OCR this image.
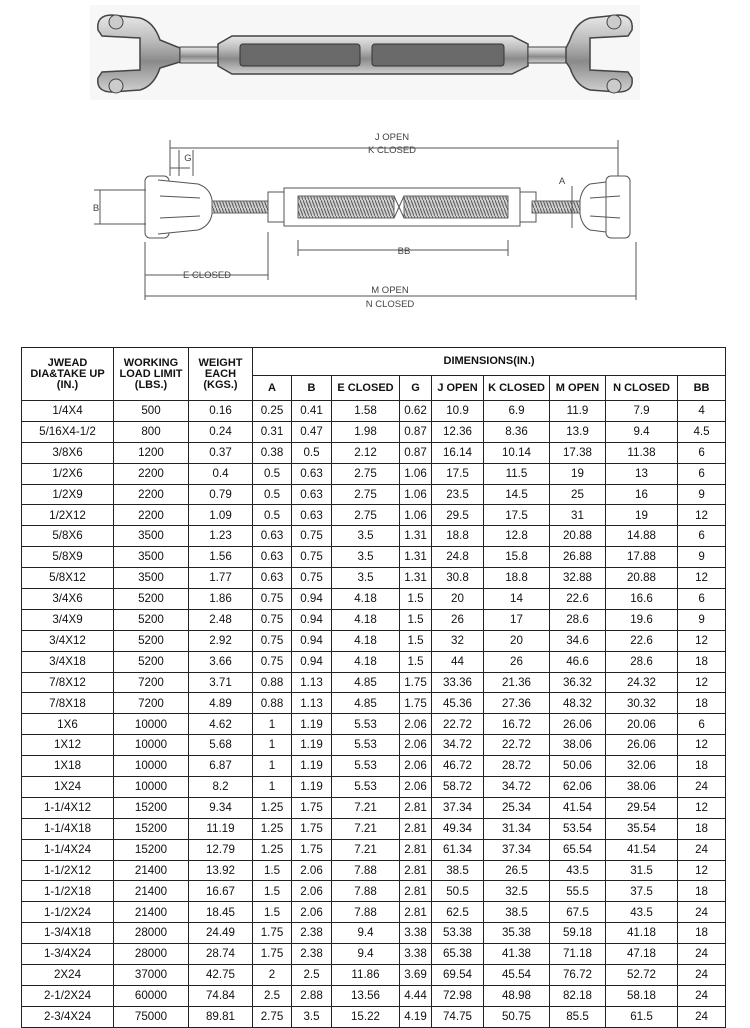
J OPEN
K CLOSED
G
B
A
BB
E CLOSED
M OPEN
N CLOSED
JWEAD
DIA&TAKE UP
(IN.)	WORKING
LOAD LIMIT
(LBS.)	WEIGHT
EACH
(KGS.)	DIMENSIONS(IN.)								
			A	B	E CLOSED	G	J OPEN	K CLOSED	M OPEN	N CLOSED	BB
1/4X4	500	0.16	0.25	0.41	1.58	0.62	10.9	6.9	11.9	7.9	4
5/16X4-1/2	800	0.24	0.31	0.47	1.98	0.87	12.36	8.36	13.9	9.4	4.5
3/8X6	1200	0.37	0.38	0.5	2.12	0.87	16.14	10.14	17.38	11.38	6
1/2X6	2200	0.4	0.5	0.63	2.75	1.06	17.5	11.5	19	13	6
1/2X9	2200	0.79	0.5	0.63	2.75	1.06	23.5	14.5	25	16	9
1/2X12	2200	1.09	0.5	0.63	2.75	1.06	29.5	17.5	31	19	12
5/8X6	3500	1.23	0.63	0.75	3.5	1.31	18.8	12.8	20.88	14.88	6
5/8X9	3500	1.56	0.63	0.75	3.5	1.31	24.8	15.8	26.88	17.88	9
5/8X12	3500	1.77	0.63	0.75	3.5	1.31	30.8	18.8	32.88	20.88	12
3/4X6	5200	1.86	0.75	0.94	4.18	1.5	20	14	22.6	16.6	6
3/4X9	5200	2.48	0.75	0.94	4.18	1.5	26	17	28.6	19.6	9
3/4X12	5200	2.92	0.75	0.94	4.18	1.5	32	20	34.6	22.6	12
3/4X18	5200	3.66	0.75	0.94	4.18	1.5	44	26	46.6	28.6	18
7/8X12	7200	3.71	0.88	1.13	4.85	1.75	33.36	21.36	36.32	24.32	12
7/8X18	7200	4.89	0.88	1.13	4.85	1.75	45.36	27.36	48.32	30.32	18
1X6	10000	4.62	1	1.19	5.53	2.06	22.72	16.72	26.06	20.06	6
1X12	10000	5.68	1	1.19	5.53	2.06	34.72	22.72	38.06	26.06	12
1X18	10000	6.87	1	1.19	5.53	2.06	46.72	28.72	50.06	32.06	18
1X24	10000	8.2	1	1.19	5.53	2.06	58.72	34.72	62.06	38.06	24
1-1/4X12	15200	9.34	1.25	1.75	7.21	2.81	37.34	25.34	41.54	29.54	12
1-1/4X18	15200	11.19	1.25	1.75	7.21	2.81	49.34	31.34	53.54	35.54	18
1-1/4X24	15200	12.79	1.25	1.75	7.21	2.81	61.34	37.34	65.54	41.54	24
1-1/2X12	21400	13.92	1.5	2.06	7.88	2.81	38.5	26.5	43.5	31.5	12
1-1/2X18	21400	16.67	1.5	2.06	7.88	2.81	50.5	32.5	55.5	37.5	18
1-1/2X24	21400	18.45	1.5	2.06	7.88	2.81	62.5	38.5	67.5	43.5	24
1-3/4X18	28000	24.49	1.75	2.38	9.4	3.38	53.38	35.38	59.18	41.18	18
1-3/4X24	28000	28.74	1.75	2.38	9.4	3.38	65.38	41.38	71.18	47.18	24
2X24	37000	42.75	2	2.5	11.86	3.69	69.54	45.54	76.72	52.72	24
2-1/2X24	60000	74.84	2.5	2.88	13.56	4.44	72.98	48.98	82.18	58.18	24
2-3/4X24	75000	89.81	2.75	3.5	15.22	4.19	74.75	50.75	85.5	61.5	24
